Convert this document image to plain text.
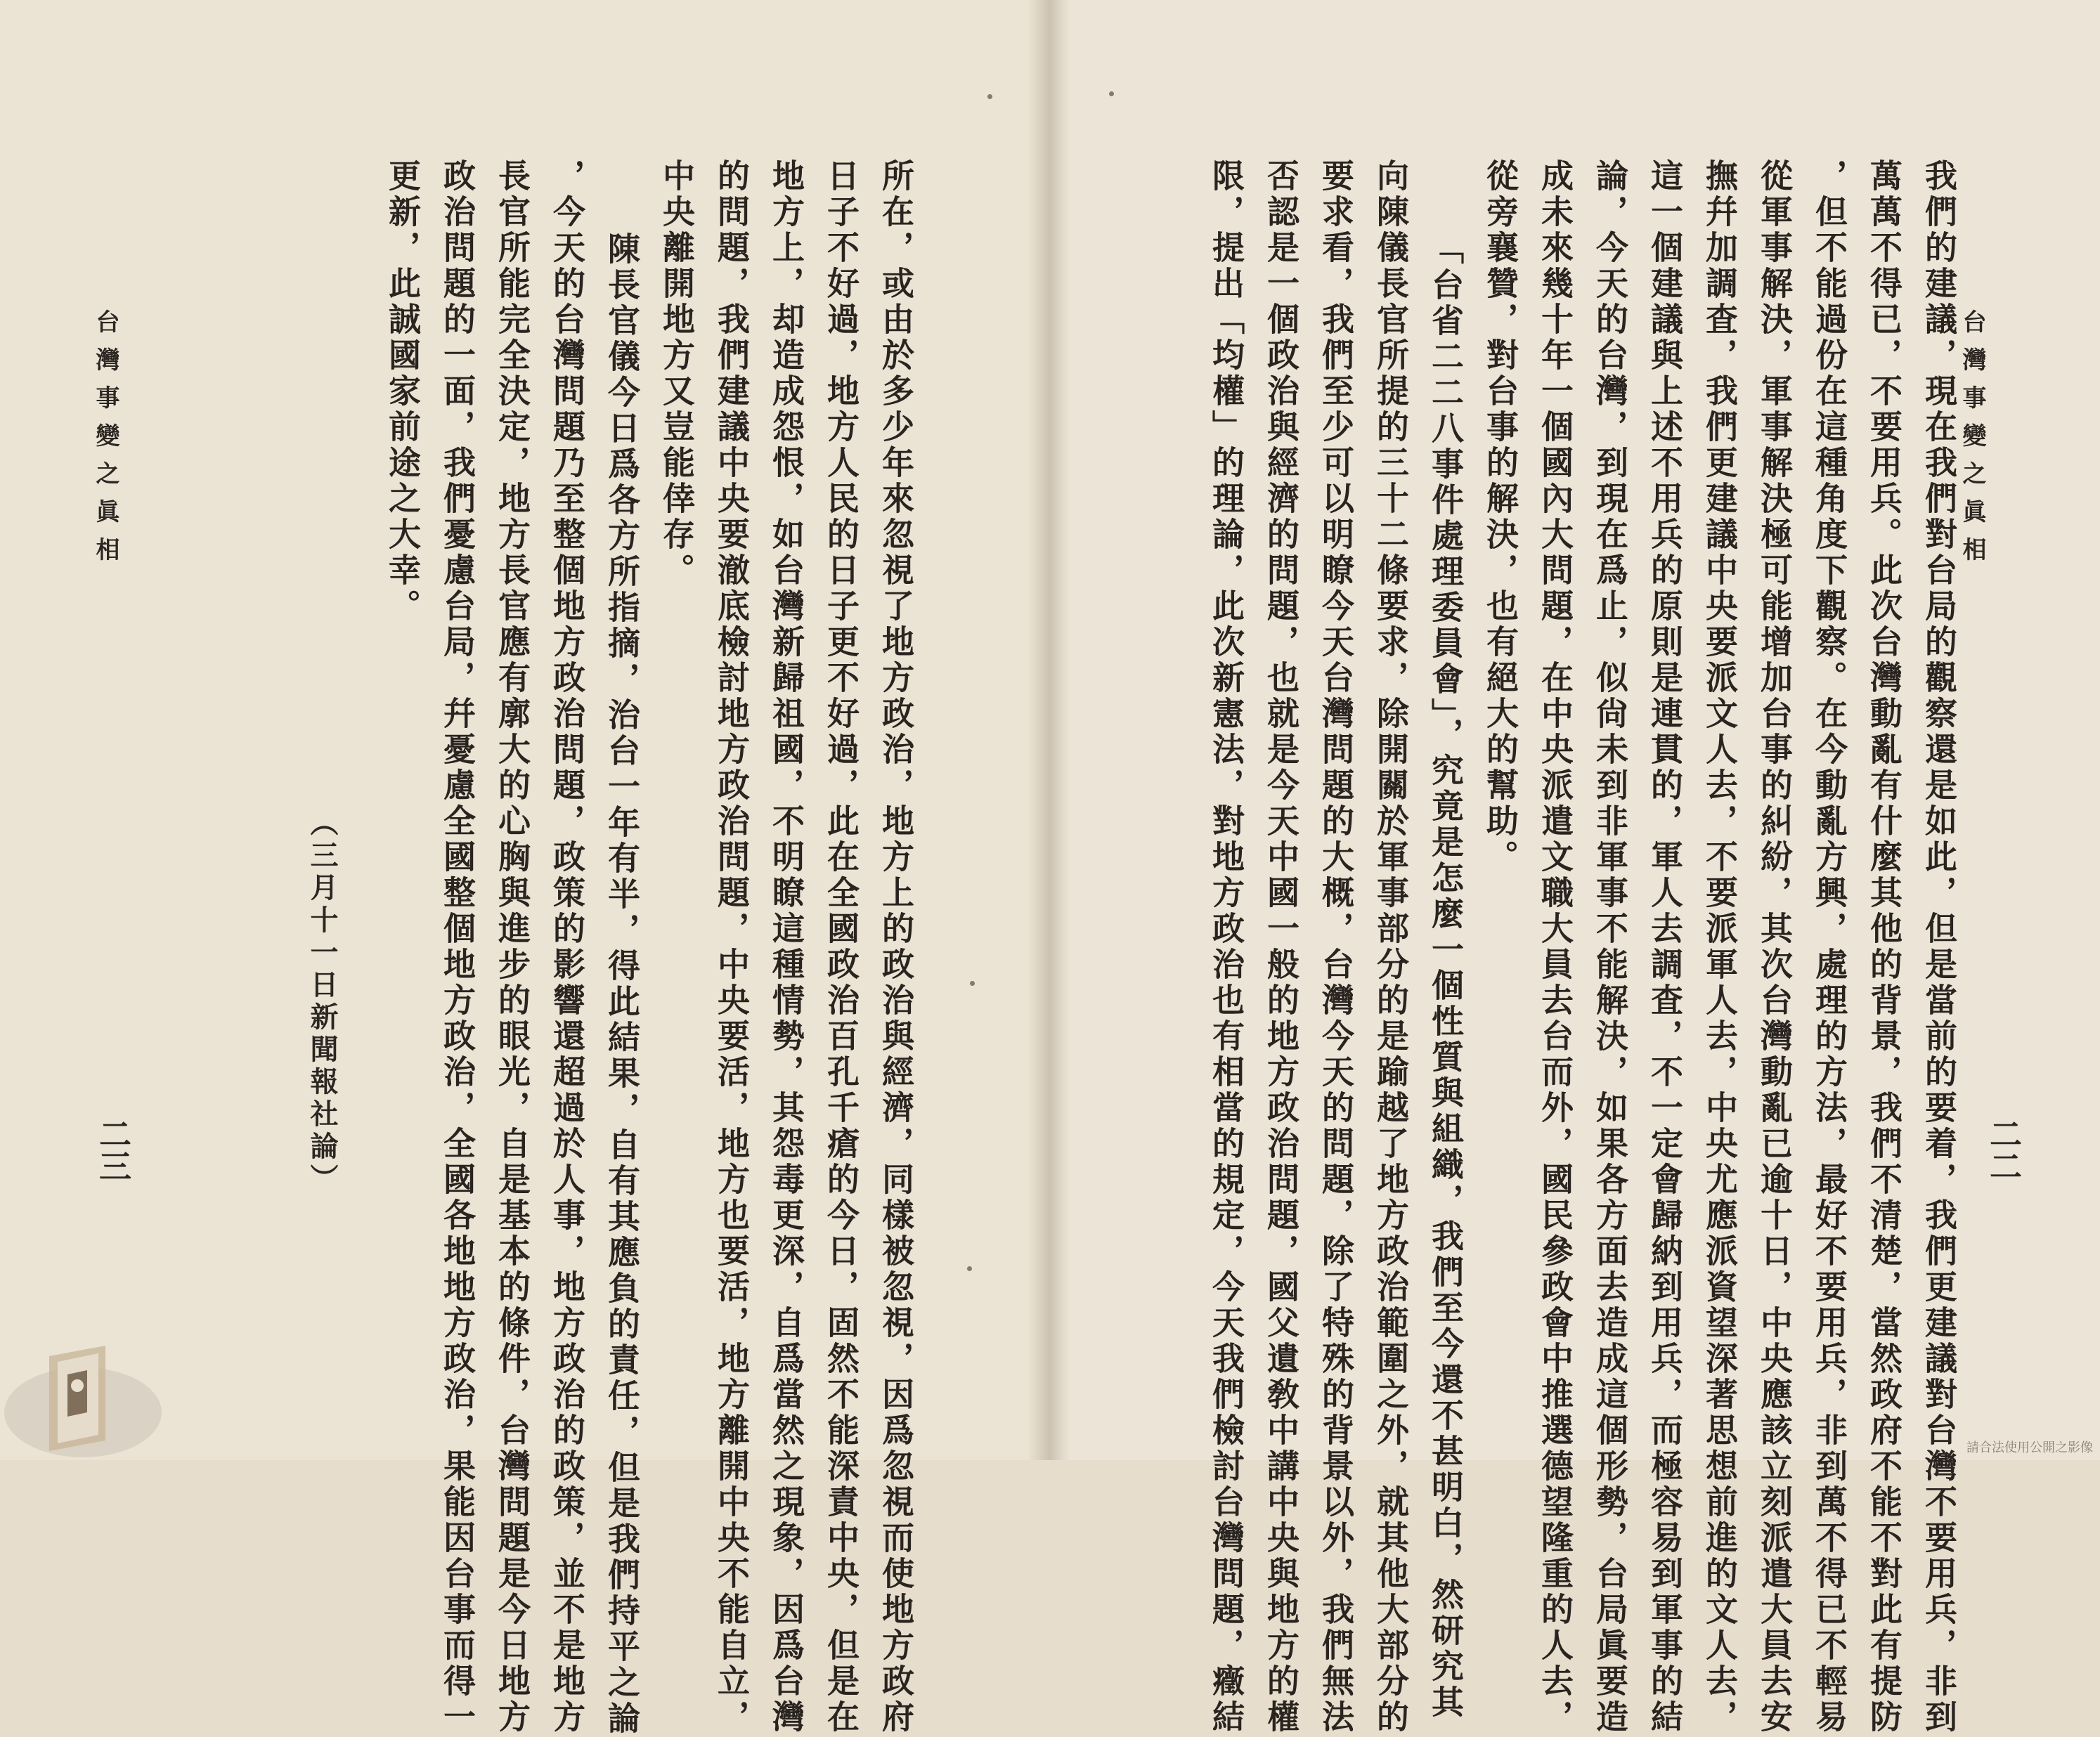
台灣事變之眞相
二二
我們的建議，現在我們對台局的觀察還是如此，但是當前的要着，我們更建議對台灣不要用兵，非到
萬萬不得已，不要用兵。此次台灣動亂有什麼其他的背景，我們不清楚，當然政府不能不對此有提防
，但不能過份在這種角度下觀察。在今動亂方興，處理的方法，最好不要用兵，非到萬不得已不輕易
從軍事解決，軍事解決極可能增加台事的糾紛，其次台灣動亂已逾十日，中央應該立刻派遣大員去安
撫幷加調査，我們更建議中央要派文人去，不要派軍人去，中央尤應派資望深著思想前進的文人去，
這一個建議與上述不用兵的原則是連貫的，軍人去調査，不一定會歸納到用兵，而極容易到軍事的結
論，今天的台灣，到現在爲止，似尙未到非軍事不能解決，如果各方面去造成這個形勢，台局眞要造
成未來幾十年一個國內大問題，在中央派遣文職大員去台而外，國民參政會中推選德望隆重的人去，
從旁襄贊，對台事的解決，也有絕大的幫助。
「台省二二八事件處理委員會」，究竟是怎麼一個性質與組織，我們至今還不甚明白，然研究其
向陳儀長官所提的三十二條要求，除開關於軍事部分的是踰越了地方政治範圍之外，就其他大部分的
要求看，我們至少可以明瞭今天台灣問題的大概，台灣今天的問題，除了特殊的背景以外，我們無法
否認是一個政治與經濟的問題，也就是今天中國一般的地方政治問題，國父遺敎中講中央與地方的權
限，提出「均權」的理論，此次新憲法，對地方政治也有相當的規定，今天我們檢討台灣問題，癥結
台灣事變之眞相
二三	所在，或由於多少年來忽視了地方政治，地方上的政治與經濟，同樣被忽視，因爲忽視而使地方政府
日子不好過，地方人民的日子更不好過，此在全國政治百孔千瘡的今日，固然不能深責中央，但是在
地方上，却造成怨恨，如台灣新歸祖國，不明瞭這種情勢，其怨毒更深，自爲當然之現象，因爲台灣
的問題，我們建議中央要澈底檢討地方政治問題，中央要活，地方也要活，地方離開中央不能自立，
中央離開地方又豈能倖存。
陳長官儀今日爲各方所指摘，治台一年有半，得此結果，自有其應負的責任，但是我們持平之論
，今天的台灣問題乃至整個地方政治問題，政策的影響還超過於人事，地方政治的政策，並不是地方
長官所能完全決定，地方長官應有廓大的心胸與進步的眼光，自是基本的條件，台灣問題是今日地方
政治問題的一面，我們憂慮台局，幷憂慮全國整個地方政治，全國各地地方政治，果能因台事而得一
更新，此誠國家前途之大幸。
（三月十一日新聞報社論）
請合法使用公開之影像
